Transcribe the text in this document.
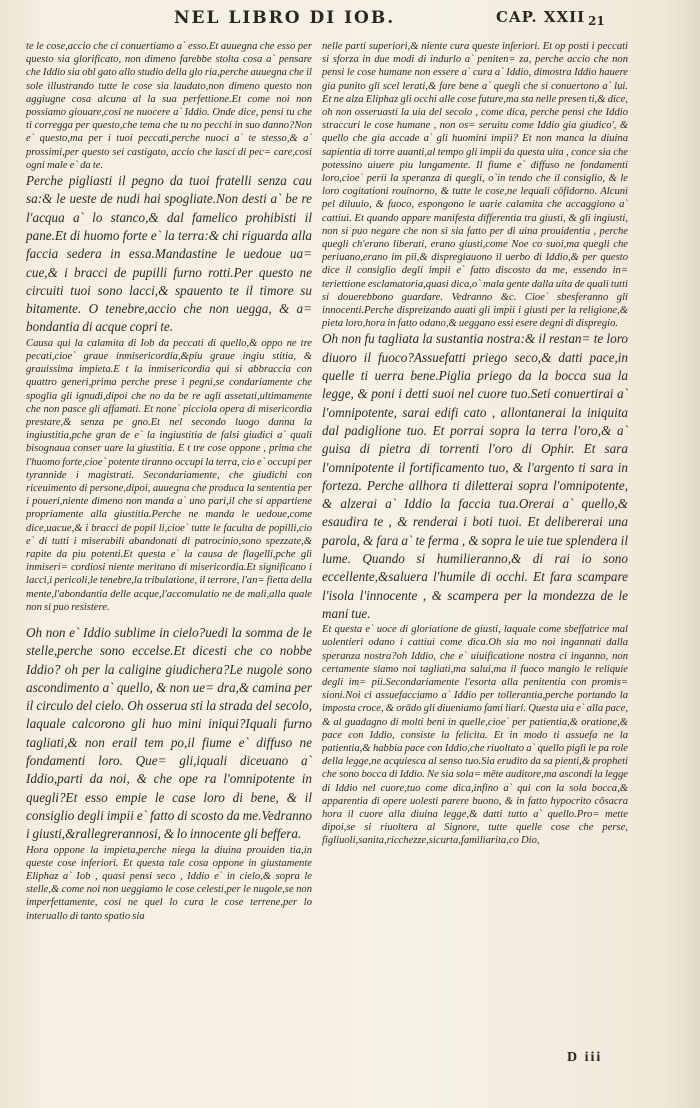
NEL LIBRO DI IOB.	CAP. XXII 21

te le cose,accio che ci conuertiamo a` esso.Et auuegna che esso per questo sia glorificato, non dimeno farebbe stolta cosa a` pensare che Iddio sia obl gato allo studio della glo ria,perche auuegna che il sole illustrando tutte le cose sia laudato,non dimeno questo non aggiugne cosa alcuna al la sua perfettione.Et come noi non possiamo giouare,cosi ne nuocere a` Iddio. Onde dice, pensi tu che ti corregga per questo,che tema che tu no pecchi in suo danno?Non e` questo,ma per i tuoi peccati,perche nuoci a` te stesso,& a` prossimi,per questo sei castigato, accio che lasci di pec= care,cosi ogni male e` da te.

Perche pigliasti il pegno da tuoi fratelli senza cau sa:& le ueste de nudi hai spogliate.Non desti a` be re l'acqua a` lo stanco,& dal famelico prohibisti il pane.Et di huomo forte e` la terra:& chi riguarda alla faccia sedera in essa.Mandastine le uedoue ua= cue,& i bracci de pupilli furno rotti.Per questo ne circuiti tuoi sono lacci,& spauento te il timore su bitamente. O tenebre,accio che non uegga, & a= bondantia di acque copri te.

Causa qui la calamita di Iob da peccati di quello,& oppo ne tre pecati,cioe` graue inmisericordia,&piu graue ingiu stitia, & grauissima impieta.E t la inmisericordia qui si abbraccia con quattro generi,prima perche prese i pegni,se condariamente che spoglia gli ignudi,dipoi che no da be re agli assetati,ultimamente che non pasce gli affamati. Et none` picciola opera di misericordia prestare,& senza pe gno.Et nel secondo luogo danna la ingiustitia,pche gran de e` la ingiustitia de falsi giudici a` quali bisognaua conser uare la giustitia. E t tre cose oppone , prima che l'huomo forte,cioe` potente tiranno occupi la terra, cio e` occupi per tyrannide i magistrati. Secondariamente, che giudichi con riceuimento di persone,dipoi, auuegna che produca la sententia per i poueri,niente dimeno non manda a` uno pari,il che si appartiene propriamente alla giustitia.Perche ne manda le uedoue,come dice,uacue,& i bracci de popil li,cioe` tutte le faculta de popilli,cio e` di tutti i miserabili abandonati di patrocinio,sono spezzate,& rapite da piu potenti.Et questa e` la causa de flagelli,pche gli inmiseri= cordiosi niente meritano di misericordia.Et significano i lacci,i pericoli,le tenebre,la tribulatione, il terrore, l'an= fietta della mente,l'abondantia delle acque,l'accomulatio ne de mali,alla quale non si puo resistere.

Oh non e` Iddio sublime in cielo?uedi la somma de le stelle,perche sono eccelse.Et dicesti che co nobbe Iddio? oh per la caligine giudichera?Le nugole sono ascondimento a` quello, & non ue= dra,& camina per il circulo del cielo. Oh osserua sti la strada del secolo, laquale calcorono gli huo mini iniqui?Iquali furno tagliati,& non erail tem po,il fiume e` diffuso ne fondamenti loro. Que= gli,iquali diceuano a` Iddio,parti da noi, & che ope ra l'omnipotente in quegli?Et esso empie le case loro di bene, & il consiglio degli impii e` fatto di scosto da me.Vedranno i giusti,&rallegrerannosi, & lo innocente gli beffera.

Hora oppone la impieta,perche niega la diuina prouiden tia,in queste cose inferiori. Et questa tale cosa oppone in giustamente Eliphaz a` Iob , quasi pensi seco , Iddio e` in cielo,& sopra le stelle,& come noi non ueggiamo le cose celesti,per le nugole,se non imperfettamente, cosi ne quel lo cura le cose terrene,per lo interuallo di tanto spatio sia

nelle parti superiori,& niente cura queste inferiori. Et op posti i peccati si sforza in due modi di indurlo a` peniten= za, perche accio che non pensi le cose humane non essere a` cura a` Iddio, dimostra Iddio hauere gia punito gli scel lerati,& fare bene a` quegli che si conuertono a` lui. Et ne alza Eliphaz gli occhi alle cose future,ma sta nelle presen ti,& dice, oh non osseruasti la uia del secolo , come dica, perche pensi che Iddio straccuri le cose humane , non os= seruitu come Iddio gia giudico', & quello che gia accade a` gli huomini impii? Et non manca la diuina sapientia di torre auanti,al tempo gli impii da questa uita , conce sia che potessino uiuere piu lungamente. Il fiume e` diffuso ne fondamenti loro,cioe` perii la speranza di quegli, o`in tendo che il consiglio, & le loro cogitationi rouinorno, & tutte le cose,ne lequali cōfidorno. Alcuni pel diluuio, & fuoco, espongono le uarie calamita che accaggiono a` cattiui. Et quando appare manifesta differentia tra giusti, & gli ingiusti, non si puo negare che non si sia fatto per di uina prouidentia , perche quegli ch'erano liberati, erano giusti,come Noe co suoi,ma quegli che periuano,erano im pii,& dispregiauono il uerbo di Iddio,& per questo dice il consiglio degli impii e` fatto discosto da me, essendo in= teriettione esclamatoria,quasi dica,o` mala gente dalla uita de quali tutti si douerebbono guardare. Vedranno &c. Cioe` sbesferanno gli innocenti.Perche dispreizando auati gli impii i giusti per la religione,& pieta loro,hora in fatto odano,& ueggano essi esere degni di dispregio.

Oh non fu tagliata la sustantia nostra:& il restan= te loro diuoro il fuoco?Assuefatti priego seco,& datti pace,in quelle ti uerra bene.Piglia priego da la bocca sua la legge, & poni i detti suoi nel cuore tuo.Seti conuertirai a` l'omnipotente, sarai edifi cato , allontanerai la iniquita dal padiglione tuo. Et porrai sopra la terra l'oro,& a` guisa di pietra di torrenti l'oro di Ophir. Et sara l'omnipotente il fortificamento tuo, & l'argento ti sara in forteza. Perche allhora ti diletterai sopra l'omnipotente, & alzerai a` Iddio la faccia tua.Orerai a` quello,& esaudira te , & renderai i boti tuoi. Et delibererai una parola, & fara a` te ferma , & sopra le uie tue splendera il lume. Quando si humilieranno,& di rai io sono eccellente,&saluera l'humile di occhi. Et fara scampare l'isola l'innocente , & scampera per la mondezza de le mani tue.

Et questa e` uoce di gloriatione de giusti, laquale come sbeffatrice mal uolentieri odano i cattiui come dica.Oh sia mo noi ingannati dalla speranza nostra?oh Iddio, che e` uiuificatione nostra ci inganno, non certamente siamo noi tagliati,ma salui,ma il fuoco mangio le reliquie degli im= pii.Secondariamente l'esorta alla penitentia con promis= sioni.Noi ci assuefacciamo a` Iddio per tollerantia,perche portando la imposta croce, & orādo gli diueniamo fami liari. Questa uia e` alla pace, & al guadagno di molti beni in quelle,cioe` per patientia,& oratione,& pace con Iddio, consiste la felicita. Et in modo ti assuefa ne la patientia,& habbia pace con Iddio,che riuoltato a` quello pigli le pa role della legge,ne acquiesca al senso tuo.Sia erudito da sa pienti,& propheti che sono bocca di Iddio. Ne sia sola= mēte auditore,ma ascondi la legge di Iddio nel cuore,tuo come dica,infino a` qui con la sola bocca,& apparentia di opere uolesti parere buono, & in fatto hypocrito cōsacra hora il cuore alla diuina legge,& datti tutto a` quello.Pro= mette dipoi,se si riuoltera al Signore, tutte quelle cose che perse, figliuoli,sanita,ricchezze,sicurta,familiarita,co Dio,

D iii
